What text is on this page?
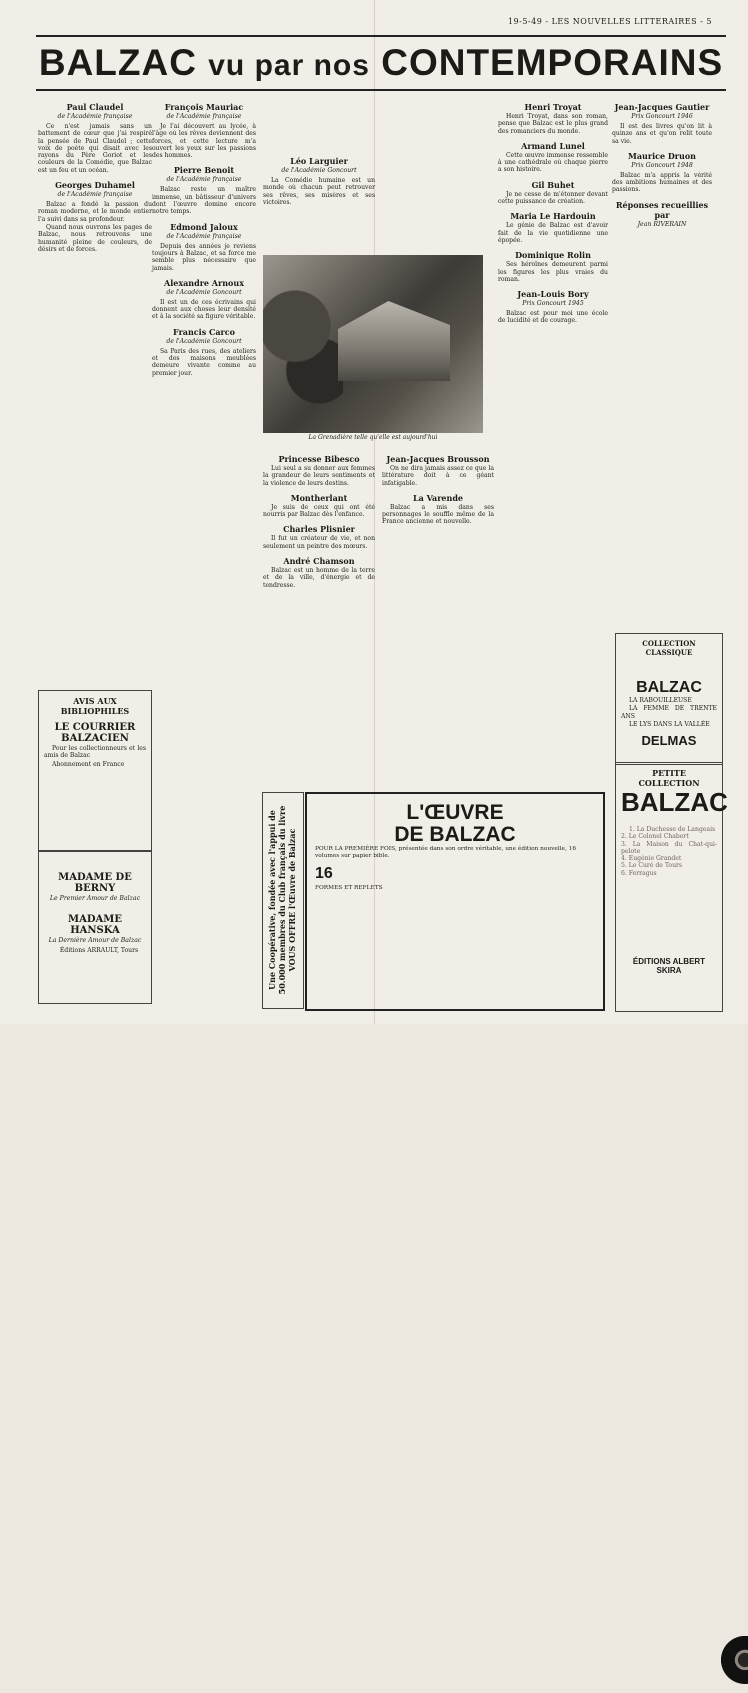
19-5-49 - LES NOUVELLES LITTERAIRES - 5
BALZAC vu par nos CONTEMPORAINS
Paul Claudel
de l'Académie française
Ce n'est jamais sans un battement de cœur que j'ai respiré la pensée de Paul Claudel ; cette voix de poète qui disait avec les rayons du Père Goriot et les couleurs de la Comédie, que Balzac est un feu et un océan.
Georges Duhamel
de l'Académie française
Balzac a fondé la passion du roman moderne, et le monde entier l'a suivi dans sa profondeur.
Quand nous ouvrons les pages de Balzac, nous retrouvons une humanité pleine de couleurs, de désirs et de forces.
AVIS AUX BIBLIOPHILES
LE COURRIER BALZACIEN
Pour les collectionneurs et les amis de Balzac
Abonnement en France
MADAME DE BERNY
Le Premier Amour de Balzac
MADAME HANSKA
La Dernière Amour de Balzac
Éditions ARRAULT, Tours
François Mauriac
de l'Académie française
Je l'ai découvert au lycée, à l'âge où les rêves deviennent des forces, et cette lecture m'a ouvert les yeux sur les passions des hommes.
Pierre Benoit
de l'Académie française
Balzac reste un maître immense, un bâtisseur d'univers dont l'œuvre domine encore notre temps.
Edmond Jaloux
de l'Académie française
Depuis des années je reviens toujours à Balzac, et sa force me semble plus nécessaire que jamais.
Alexandre Arnoux
de l'Académie Goncourt
Il est un de ces écrivains qui donnent aux choses leur densité et à la société sa figure véritable.
Francis Carco
de l'Académie Goncourt
Sa Paris des rues, des ateliers et des maisons meublées demeure vivante comme au premier jour.
Léo Larguier
de l'Académie Goncourt
La Comédie humaine est un monde où chacun peut retrouver ses rêves, ses misères et ses victoires.
La Grenadière telle qu'elle est aujourd'hui
Princesse Bibesco
Lui seul a su donner aux femmes la grandeur de leurs sentiments et la violence de leurs destins.
Montherlant
Je suis de ceux qui ont été nourris par Balzac dès l'enfance.
Charles Plisnier
Il fut un créateur de vie, et non seulement un peintre des mœurs.
André Chamson
Balzac est un homme de la terre et de la ville, d'énergie et de tendresse.
Jean-Jacques Brousson
On ne dira jamais assez ce que la littérature doit à ce géant infatigable.
La Varende
Balzac a mis dans ses personnages le souffle même de la France ancienne et nouvelle.
Henri Troyat
Henri Troyat, dans son roman, pense que Balzac est le plus grand des romanciers du monde.
Armand Lunel
Cette œuvre immense ressemble à une cathédrale où chaque pierre a son histoire.
Gil Buhet
Je ne cesse de m'étonner devant cette puissance de création.
Maria Le Hardouin
Le génie de Balzac est d'avoir fait de la vie quotidienne une épopée.
Dominique Rolin
Ses héroïnes demeurent parmi les figures les plus vraies du roman.
Jean-Louis Bory
Prix Goncourt 1945
Balzac est pour moi une école de lucidité et de courage.
Jean-Jacques Gautier
Prix Goncourt 1946
Il est des livres qu'on lit à quinze ans et qu'on relit toute sa vie.
Maurice Druon
Prix Goncourt 1948
Balzac m'a appris la vérité des ambitions humaines et des passions.
Réponses recueillies par
Jean RIVERAIN
COLLECTION CLASSIQUE
BALZAC
LA RABOUILLEUSE
LA FEMME DE TRENTE ANS
LE LYS DANS LA VALLÉE
DELMAS
PETITE COLLECTION
BALZAC
1. La Duchesse de Langeais
2. Le Colonel Chabert
3. La Maison du Chat-qui-pelote
4. Eugénie Grandet
5. Le Curé de Tours
6. Ferragus
ÉDITIONS ALBERT SKIRA
Une Coopérative, fondée avec l'appui de 50.000 membres du Club français du livre VOUS OFFRE l'Œuvre de Balzac
L'ŒUVRE
DE BALZAC
POUR LA PREMIÈRE FOIS, présentée dans son ordre véritable, une édition nouvelle, 16 volumes sur papier bible.
16
FORMES ET REFLETS
